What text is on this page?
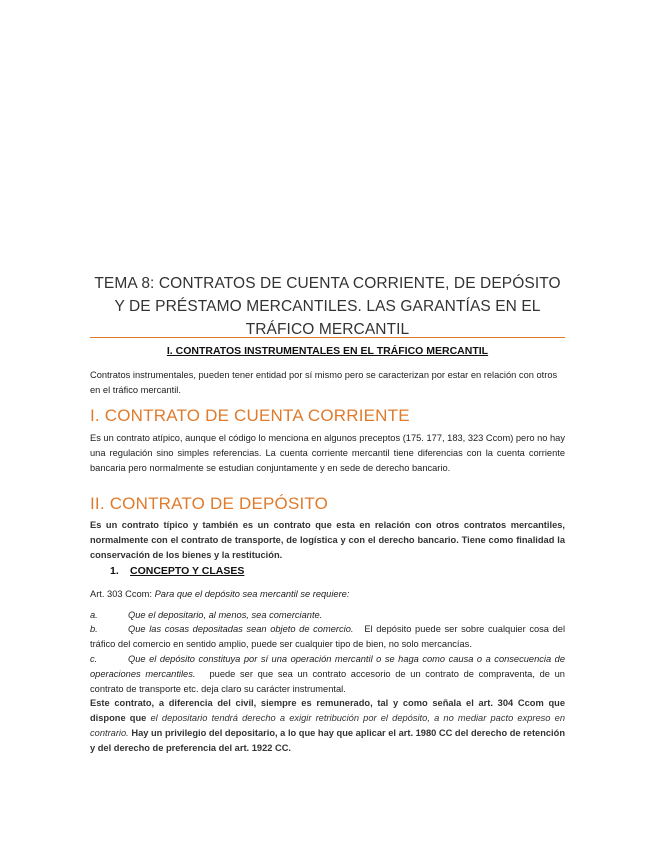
TEMA 8: CONTRATOS DE CUENTA CORRIENTE, DE DEPÓSITO Y DE PRÉSTAMO MERCANTILES. LAS GARANTÍAS EN EL TRÁFICO MERCANTIL
I. CONTRATOS INSTRUMENTALES EN EL TRÁFICO MERCANTIL
Contratos instrumentales, pueden tener entidad por sí mismo pero se caracterizan por estar en relación con otros en el tráfico mercantil.
I. CONTRATO DE CUENTA CORRIENTE
Es un contrato atípico, aunque el código lo menciona en algunos preceptos (175. 177, 183, 323 Ccom) pero no hay una regulación sino simples referencias. La cuenta corriente mercantil tiene diferencias con la cuenta corriente bancaria pero normalmente se estudian conjuntamente y en sede de derecho bancario.
II. CONTRATO DE DEPÓSITO
Es un contrato típico y también es un contrato que esta en relación con otros contratos mercantiles, normalmente con el contrato de transporte, de logística y con el derecho bancario. Tiene como finalidad la conservación de los bienes y la restitución.
1. CONCEPTO Y CLASES
Art. 303 Ccom: Para que el depósito sea mercantil se requiere:
a.	Que el depositario, al menos, sea comerciante.
b.	Que las cosas depositadas sean objeto de comercio. El depósito puede ser sobre cualquier cosa del tráfico del comercio en sentido amplio, puede ser cualquier tipo de bien, no solo mercancías.
c.	Que el depósito constituya por sí una operación mercantil o se haga como causa o a consecuencia de operaciones mercantiles. puede ser que sea un contrato accesorio de un contrato de compraventa, de un contrato de transporte etc. deja claro su carácter instrumental.
Este contrato, a diferencia del civil, siempre es remunerado, tal y como señala el art. 304 Ccom que dispone que el depositario tendrá derecho a exigir retribución por el depósito, a no mediar pacto expreso en contrario. Hay un privilegio del depositario, a lo que hay que aplicar el art. 1980 CC del derecho de retención y del derecho de preferencia del art. 1922 CC.
